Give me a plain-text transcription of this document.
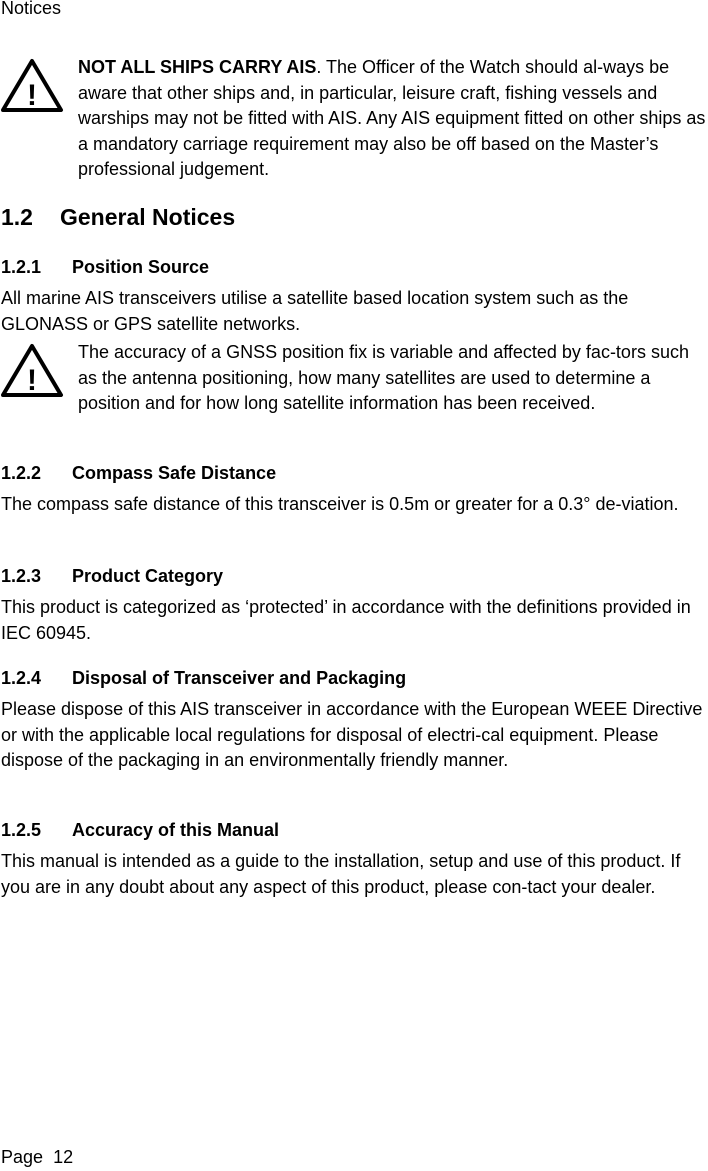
Notices
!
NOT ALL SHIPS CARRY AIS. The Officer of the Watch should al-ways be aware that other ships and, in particular, leisure craft, fishing vessels and warships may not be fitted with AIS. Any AIS equipment fitted on other ships as a mandatory carriage requirement may also be off based on the Master’s professional judgement.
1.2 General Notices
1.2.1 Position Source
All marine AIS transceivers utilise a satellite based location system such as the GLONASS or GPS satellite networks.
!
The accuracy of a GNSS position fix is variable and affected by fac-tors such as the antenna positioning, how many satellites are used to determine a position and for how long satellite information has been received.
1.2.2 Compass Safe Distance
The compass safe distance of this transceiver is 0.5m or greater for a 0.3° de-viation.
1.2.3 Product Category
This product is categorized as ‘protected’ in accordance with the definitions provided in IEC 60945.
1.2.4 Disposal of Transceiver and Packaging
Please dispose of this AIS transceiver in accordance with the European WEEE Directive or with the applicable local regulations for disposal of electri-cal equipment. Please dispose of the packaging in an environmentally friendly manner.
1.2.5 Accuracy of this Manual
This manual is intended as a guide to the installation, setup and use of this product. If you are in any doubt about any aspect of this product, please con-tact your dealer.
Page 12
